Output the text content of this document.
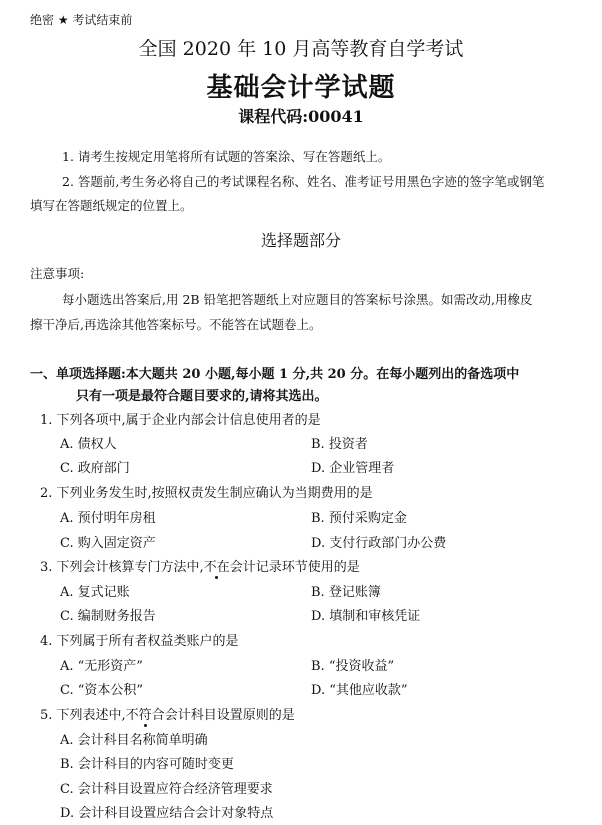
绝密 ★ 考试结束前
全国 2020 年 10 月高等教育自学考试
基础会计学试题
课程代码:00041
1. 请考生按规定用笔将所有试题的答案涂、写在答题纸上。
2. 答题前,考生务必将自己的考试课程名称、姓名、准考证号用黑色字迹的签字笔或钢笔
填写在答题纸规定的位置上。
选择题部分
注意事项:
每小题选出答案后,用 2B 铅笔把答题纸上对应题目的答案标号涂黑。如需改动,用橡皮
擦干净后,再选涂其他答案标号。不能答在试题卷上。
一、单项选择题:本大题共 20 小题,每小题 1 分,共 20 分。在每小题列出的备选项中
只有一项是最符合题目要求的,请将其选出。
1. 下列各项中,属于企业内部会计信息使用者的是
A. 债权人	B. 投资者
C. 政府部门	D. 企业管理者
2. 下列业务发生时,按照权责发生制应确认为当期费用的是
A. 预付明年房租	B. 预付采购定金
C. 购入固定资产	D. 支付行政部门办公费
3. 下列会计核算专门方法中,不在会计记录环节使用的是
A. 复式记账	B. 登记账簿
C. 编制财务报告	D. 填制和审核凭证
4. 下列属于所有者权益类账户的是
A. “无形资产”	B. “投资收益”
C. “资本公积”	D. “其他应收款”
5. 下列表述中,不符合会计科目设置原则的是
A. 会计科目名称简单明确
B. 会计科目的内容可随时变更
C. 会计科目设置应符合经济管理要求
D. 会计科目设置应结合会计对象特点
